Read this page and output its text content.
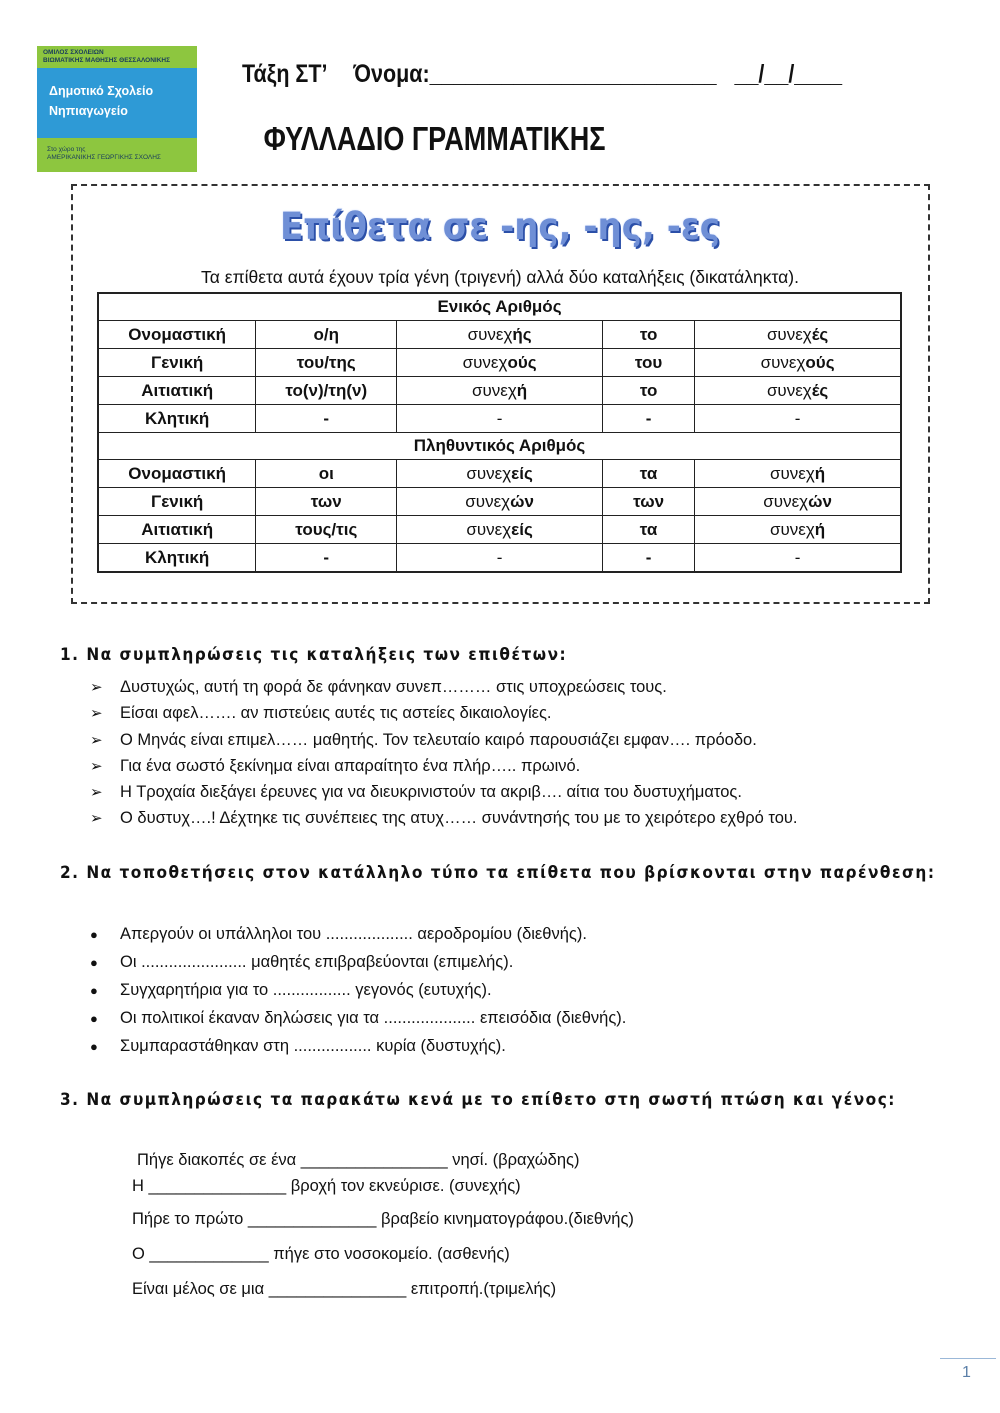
ΟΜΙΛΟΣ ΣΧΟΛΕΙΩΝ
ΒΙΩΜΑΤΙΚΗΣ ΜΑΘΗΣΗΣ ΘΕΣΣΑΛΟΝΙΚΗΣ
Δημοτικό Σχολείο
Νηπιαγωγείο
Στο χώρο της
ΑΜΕΡΙΚΑΝΙΚΗΣ ΓΕΩΡΓΙΚΗΣ ΣΧΟΛΗΣ
Τάξη ΣΤ’ Όνομα:________________________ __/__/____
ΦΥΛΛΑΔΙΟ ΓΡΑΜΜΑΤΙΚΗΣ
Επίθετα σε -ης, -ης, -ες
Τα επίθετα αυτά έχουν τρία γένη (τριγενή) αλλά δύο καταλήξεις (δικατάληκτα).
Ενικός Αριθμός				
Ονομαστική	ο/η	συνεχής	το	συνεχές
Γενική	του/της	συνεχούς	του	συνεχούς
Αιτιατική	το(ν)/τη(ν)	συνεχή	το	συνεχές
Κλητική	-	-	-	-
Πληθυντικός Αριθμός				
Ονομαστική	οι	συνεχείς	τα	συνεχή
Γενική	των	συνεχών	των	συνεχών
Αιτιατική	τους/τις	συνεχείς	τα	συνεχή
Κλητική	-	-	-	-
1. Να συμπληρώσεις τις καταλήξεις των επιθέτων:
➢ Δυστυχώς, αυτή τη φορά δε φάνηκαν συνεπ……… στις υποχρεώσεις τους.
➢ Είσαι αφελ……. αν πιστεύεις αυτές τις αστείες δικαιολογίες.
➢ Ο Μηνάς είναι επιμελ…… μαθητής. Τον τελευταίο καιρό παρουσιάζει εμφαν…. πρόοδο.
➢ Για ένα σωστό ξεκίνημα είναι απαραίτητο ένα πλήρ….. πρωινό.
➢ Η Τροχαία διεξάγει έρευνες για να διευκρινιστούν τα ακριβ…. αίτια του δυστυχήματος.
➢ Ο δυστυχ….! Δέχτηκε τις συνέπειες της ατυχ…… συνάντησής του με το χειρότερο εχθρό του.
2. Να τοποθετήσεις στον κατάλληλο τύπο τα επίθετα που βρίσκονται στην παρένθεση:
● Απεργούν οι υπάλληλοι του ................... αεροδρομίου (διεθνής).
● Οι ....................... μαθητές επιβραβεύονται (επιμελής).
● Συγχαρητήρια για το ................. γεγονός (ευτυχής).
● Οι πολιτικοί έκαναν δηλώσεις για τα .................... επεισόδια (διεθνής).
● Συμπαραστάθηκαν στη ................. κυρία (δυστυχής).
3. Να συμπληρώσεις τα παρακάτω κενά με το επίθετο στη σωστή πτώση και γένος:
Πήγε διακοπές σε ένα ________________ νησί. (βραχώδης)
Η _______________ βροχή τον εκνεύρισε. (συνεχής)
Πήρε το πρώτο ______________ βραβείο κινηματογράφου.(διεθνής)
Ο _____________ πήγε στο νοσοκομείο. (ασθενής)
Είναι μέλος σε μια _______________ επιτροπή.(τριμελής)
1
